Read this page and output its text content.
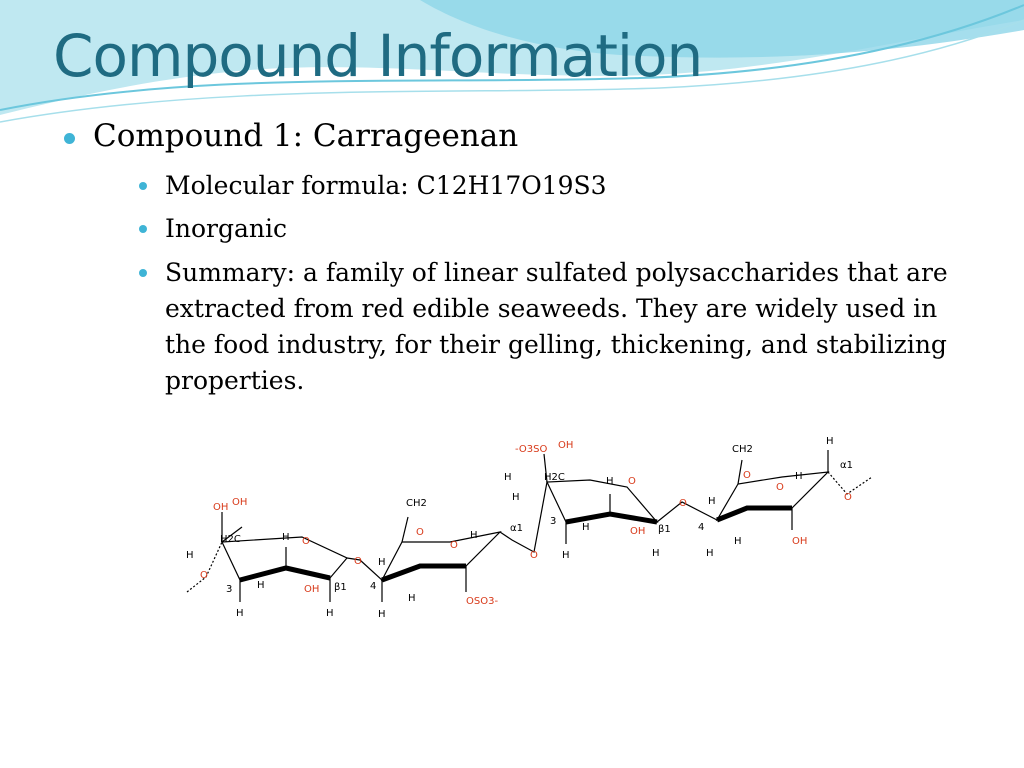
Compound Information
Compound 1: Carrageenan
Molecular formula: C12H17O19S3
Inorganic
Summary: a family of linear sulfated polysaccharides that are extracted from red edible seaweeds. They are widely used in the food industry, for their gelling, thickening, and stabilizing properties.
OH OH
H2C
H
O
3 H
H
H O
OH
H
β1
O
4
H
H
H
CH2
O
O
H
OSO3-
α1
O
-O3SO OH
H2C
H
H
3
H
H
H O
OH β1
H
O
4
H
H
H
CH2
O
O
H
OH
H
α1
O
